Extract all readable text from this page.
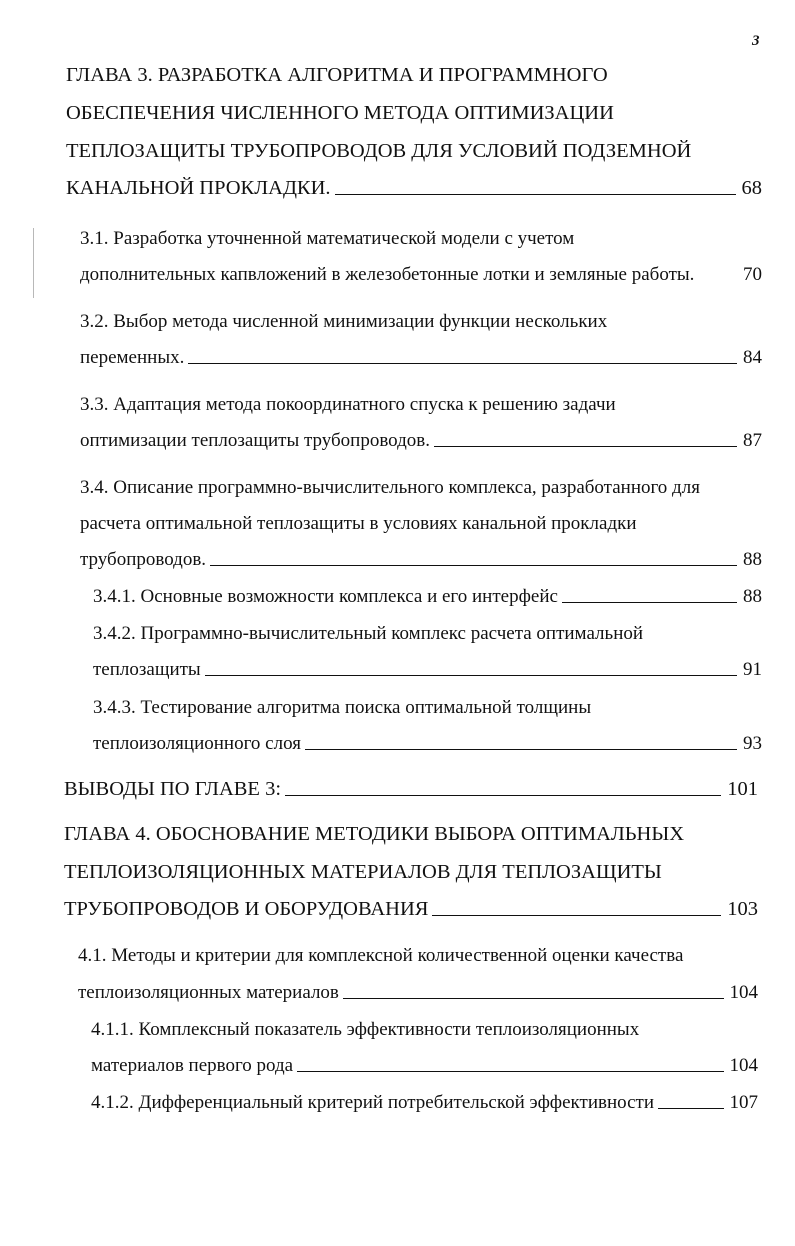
3
ГЛАВА 3. РАЗРАБОТКА АЛГОРИТМА И ПРОГРАММНОГО
ОБЕСПЕЧЕНИЯ ЧИСЛЕННОГО МЕТОДА ОПТИМИЗАЦИИ
ТЕПЛОЗАЩИТЫ ТРУБОПРОВОДОВ ДЛЯ УСЛОВИЙ ПОДЗЕМНОЙ
КАНАЛЬНОЙ ПРОКЛАДКИ.	68
3.1. Разработка уточненной математической модели с учетом
дополнительных капвложений в железобетонные лотки и земляные работы.	70
3.2. Выбор метода численной минимизации функции нескольких
переменных.	84
3.3. Адаптация метода покоординатного спуска к решению задачи
оптимизации теплозащиты трубопроводов.	87
3.4. Описание программно-вычислительного комплекса, разработанного для
расчета оптимальной теплозащиты в условиях канальной прокладки
трубопроводов.	88
3.4.1. Основные возможности комплекса и его интерфейс	88
3.4.2. Программно-вычислительный комплекс расчета оптимальной
теплозащиты	91
3.4.3. Тестирование алгоритма поиска оптимальной толщины
теплоизоляционного слоя	93
ВЫВОДЫ ПО ГЛАВЕ 3:	101
ГЛАВА 4. ОБОСНОВАНИЕ МЕТОДИКИ ВЫБОРА ОПТИМАЛЬНЫХ
ТЕПЛОИЗОЛЯЦИОННЫХ МАТЕРИАЛОВ ДЛЯ ТЕПЛОЗАЩИТЫ
ТРУБОПРОВОДОВ И ОБОРУДОВАНИЯ	103
4.1. Методы и критерии для комплексной количественной оценки качества
теплоизоляционных материалов	104
4.1.1. Комплексный показатель эффективности теплоизоляционных
материалов первого рода	104
4.1.2. Дифференциальный критерий потребительской эффективности	107
